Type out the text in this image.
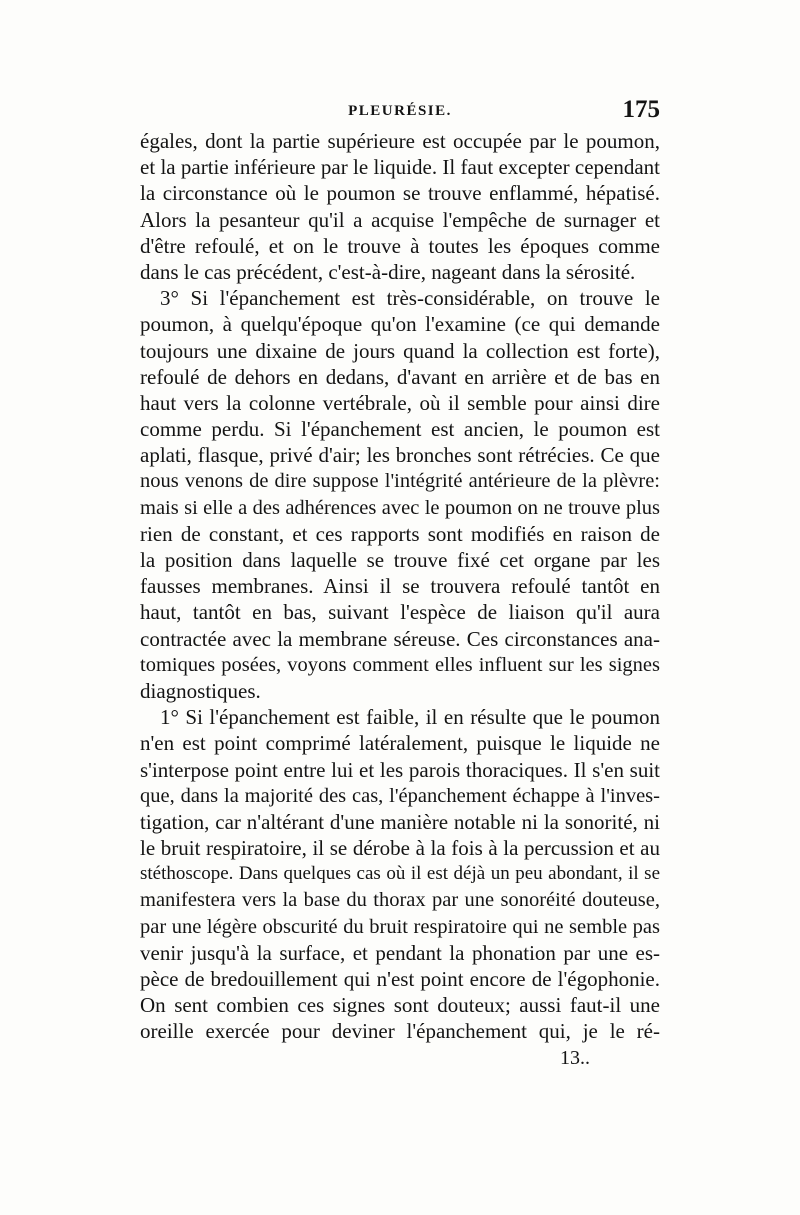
PLEURÉSIE.	175
égales, dont la partie supérieure est occupée par le poumon,
et la partie inférieure par le liquide. Il faut excepter cependant
la circonstance où le poumon se trouve enflammé, hépatisé.
Alors la pesanteur qu'il a acquise l'empêche de surnager et
d'être refoulé, et on le trouve à toutes les époques comme
dans le cas précédent, c'est-à-dire, nageant dans la sérosité.
3° Si l'épanchement est très-considérable, on trouve le
poumon, à quelqu'époque qu'on l'examine (ce qui demande
toujours une dixaine de jours quand la collection est forte),
refoulé de dehors en dedans, d'avant en arrière et de bas en
haut vers la colonne vertébrale, où il semble pour ainsi dire
comme perdu. Si l'épanchement est ancien, le poumon est
aplati, flasque, privé d'air; les bronches sont rétrécies. Ce que
nous venons de dire suppose l'intégrité antérieure de la plèvre:
mais si elle a des adhérences avec le poumon on ne trouve plus
rien de constant, et ces rapports sont modifiés en raison de
la position dans laquelle se trouve fixé cet organe par les
fausses membranes. Ainsi il se trouvera refoulé tantôt en
haut, tantôt en bas, suivant l'espèce de liaison qu'il aura
contractée avec la membrane séreuse. Ces circonstances ana-
tomiques posées, voyons comment elles influent sur les signes
diagnostiques.
1° Si l'épanchement est faible, il en résulte que le poumon
n'en est point comprimé latéralement, puisque le liquide ne
s'interpose point entre lui et les parois thoraciques. Il s'en suit
que, dans la majorité des cas, l'épanchement échappe à l'inves-
tigation, car n'altérant d'une manière notable ni la sonorité, ni
le bruit respiratoire, il se dérobe à la fois à la percussion et au
stéthoscope. Dans quelques cas où il est déjà un peu abondant, il se
manifestera vers la base du thorax par une sonoréité douteuse,
par une légère obscurité du bruit respiratoire qui ne semble pas
venir jusqu'à la surface, et pendant la phonation par une es-
pèce de bredouillement qui n'est point encore de l'égophonie.
On sent combien ces signes sont douteux; aussi faut-il une
oreille exercée pour deviner l'épanchement qui, je le ré-
13..
